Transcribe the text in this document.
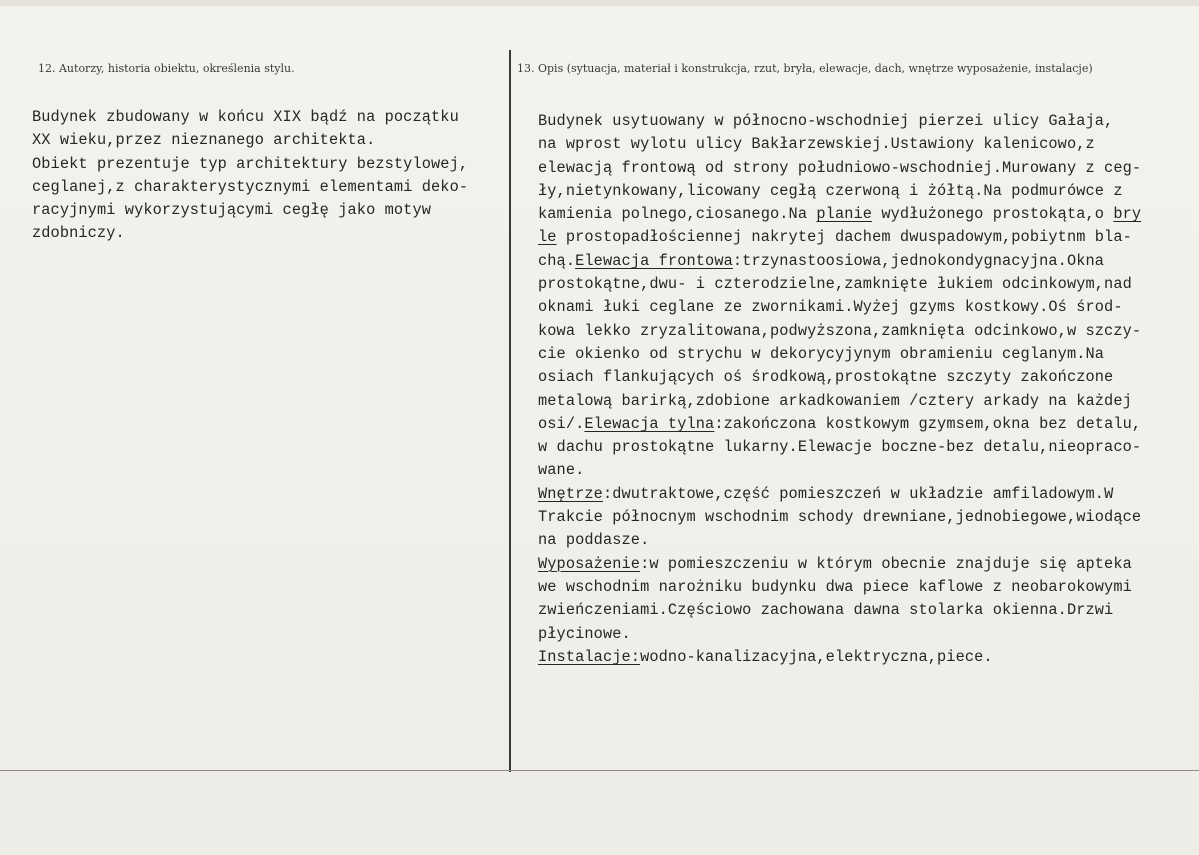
12. Autorzy, historia obiektu, określenia stylu.	13. Opis (sytuacja, materiał i konstrukcja, rzut, bryła, elewacje, dach, wnętrze wyposażenie, instalacje)
Budynek zbudowany w końcu XIX bądź na początku
XX wieku,przez nieznanego architekta.
Obiekt prezentuje typ architektury bezstylowej,
ceglanej,z charakterystycznymi elementami deko-
racyjnymi wykorzystującymi cegłę jako motyw
zdobniczy.
Budynek usytuowany w północno-wschodniej pierzei ulicy Gałaja,
na wprost wylotu ulicy Bakłarzewskiej.Ustawiony kalenicowo,z
elewacją frontową od strony południowo-wschodniej.Murowany z ceg-
ły,nietynkowany,licowany cegłą czerwoną i żółtą.Na podmurówce z
kamienia polnego,ciosanego.Na planie wydłużonego prostokąta,o bry
le prostopadłościennej nakrytej dachem dwuspadowym,pobiytnm bla-
chą.Elewacja frontowa:trzynastoosiowa,jednokondygnacyjna.Okna
prostokątne,dwu- i czterodzielne,zamknięte łukiem odcinkowym,nad
oknami łuki ceglane ze zwornikami.Wyżej gzyms kostkowy.Oś środ-
kowa lekko zryzalitowana,podwyższona,zamknięta odcinkowo,w szczy-
cie okienko od strychu w dekorycyjynym obramieniu ceglanym.Na
osiach flankujących oś środkową,prostokątne szczyty zakończone
metalową barirką,zdobione arkadkowaniem /cztery arkady na każdej
osi/.Elewacja tylna:zakończona kostkowym gzymsem,okna bez detalu,
w dachu prostokątne lukarny.Elewacje boczne-bez detalu,nieopraco-
wane.
Wnętrze:dwutraktowe,część pomieszczeń w układzie amfiladowym.W
Trakcie północnym wschodnim schody drewniane,jednobiegowe,wiodące
na poddasze.
Wyposażenie:w pomieszczeniu w którym obecnie znajduje się apteka
we wschodnim narożniku budynku dwa piece kaflowe z neobarokowymi
zwieńczeniami.Częściowo zachowana dawna stolarka okienna.Drzwi
płycinowe.
Instalacje:wodno-kanalizacyjna,elektryczna,piece.
